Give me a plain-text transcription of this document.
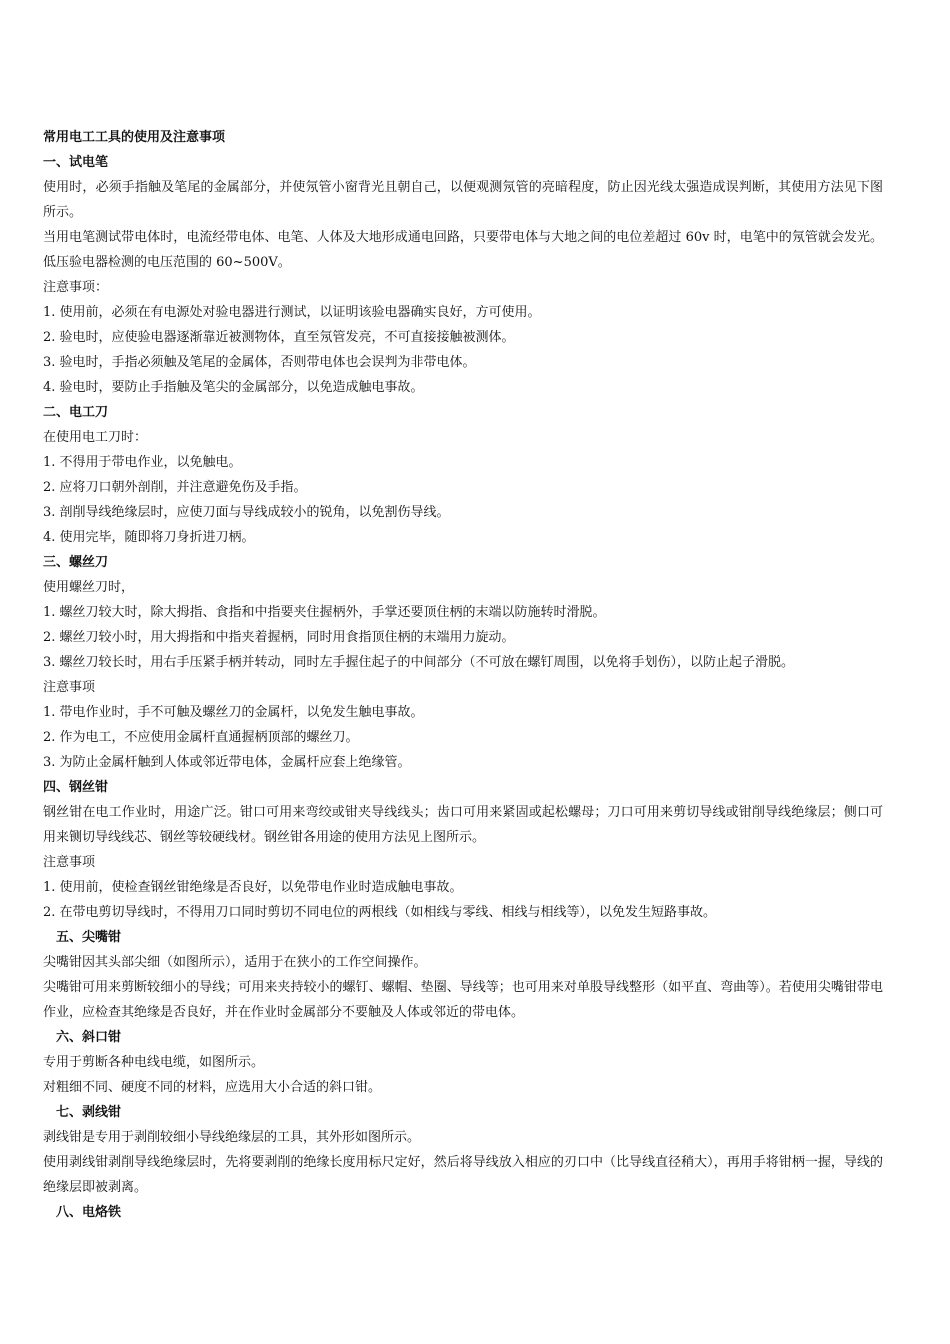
常用电工工具的使用及注意事项

一、试电笔

使用时，必须手指触及笔尾的金属部分，并使氖管小窗背光且朝自己，以便观测氖管的亮暗程度，防止因光线太强造成误判断，其使用方法见下图所示。

当用电笔测试带电体时，电流经带电体、电笔、人体及大地形成通电回路，只要带电体与大地之间的电位差超过 60v 时，电笔中的氖管就会发光。低压验电器检测的电压范围的 60~500V。

注意事项：

1. 使用前，必须在有电源处对验电器进行测试，以证明该验电器确实良好，方可使用。

2. 验电时，应使验电器逐渐靠近被测物体，直至氖管发亮，不可直接接触被测体。

3. 验电时，手指必须触及笔尾的金属体，否则带电体也会误判为非带电体。

4. 验电时，要防止手指触及笔尖的金属部分，以免造成触电事故。

二、电工刀

在使用电工刀时：

1. 不得用于带电作业，以免触电。

2. 应将刀口朝外剖削，并注意避免伤及手指。

3. 剖削导线绝缘层时，应使刀面与导线成较小的锐角，以免割伤导线。

4. 使用完毕，随即将刀身折进刀柄。

三、螺丝刀

使用螺丝刀时，

1. 螺丝刀较大时，除大拇指、食指和中指要夹住握柄外，手掌还要顶住柄的末端以防施转时滑脱。

2. 螺丝刀较小时，用大拇指和中指夹着握柄，同时用食指顶住柄的末端用力旋动。

3. 螺丝刀较长时，用右手压紧手柄并转动，同时左手握住起子的中间部分（不可放在螺钉周围，以免将手划伤），以防止起子滑脱。

注意事项

1. 带电作业时，手不可触及螺丝刀的金属杆，以免发生触电事故。

2. 作为电工，不应使用金属杆直通握柄顶部的螺丝刀。

3. 为防止金属杆触到人体或邻近带电体，金属杆应套上绝缘管。

四、钢丝钳

钢丝钳在电工作业时，用途广泛。钳口可用来弯绞或钳夹导线线头；齿口可用来紧固或起松螺母；刀口可用来剪切导线或钳削导线绝缘层；侧口可用来铡切导线线芯、钢丝等较硬线材。钢丝钳各用途的使用方法见上图所示。

注意事项

1. 使用前，使检查钢丝钳绝缘是否良好，以免带电作业时造成触电事故。

2. 在带电剪切导线时，不得用刀口同时剪切不同电位的两根线（如相线与零线、相线与相线等），以免发生短路事故。

五、尖嘴钳

尖嘴钳因其头部尖细（如图所示），适用于在狭小的工作空间操作。

尖嘴钳可用来剪断较细小的导线；可用来夹持较小的螺钉、螺帽、垫圈、导线等；也可用来对单股导线整形（如平直、弯曲等）。若使用尖嘴钳带电作业，应检查其绝缘是否良好，并在作业时金属部分不要触及人体或邻近的带电体。

六、斜口钳

专用于剪断各种电线电缆，如图所示。

对粗细不同、硬度不同的材料，应选用大小合适的斜口钳。

七、剥线钳

剥线钳是专用于剥削较细小导线绝缘层的工具，其外形如图所示。

使用剥线钳剥削导线绝缘层时，先将要剥削的绝缘长度用标尺定好，然后将导线放入相应的刃口中（比导线直径稍大），再用手将钳柄一握，导线的绝缘层即被剥离。

八、电烙铁
